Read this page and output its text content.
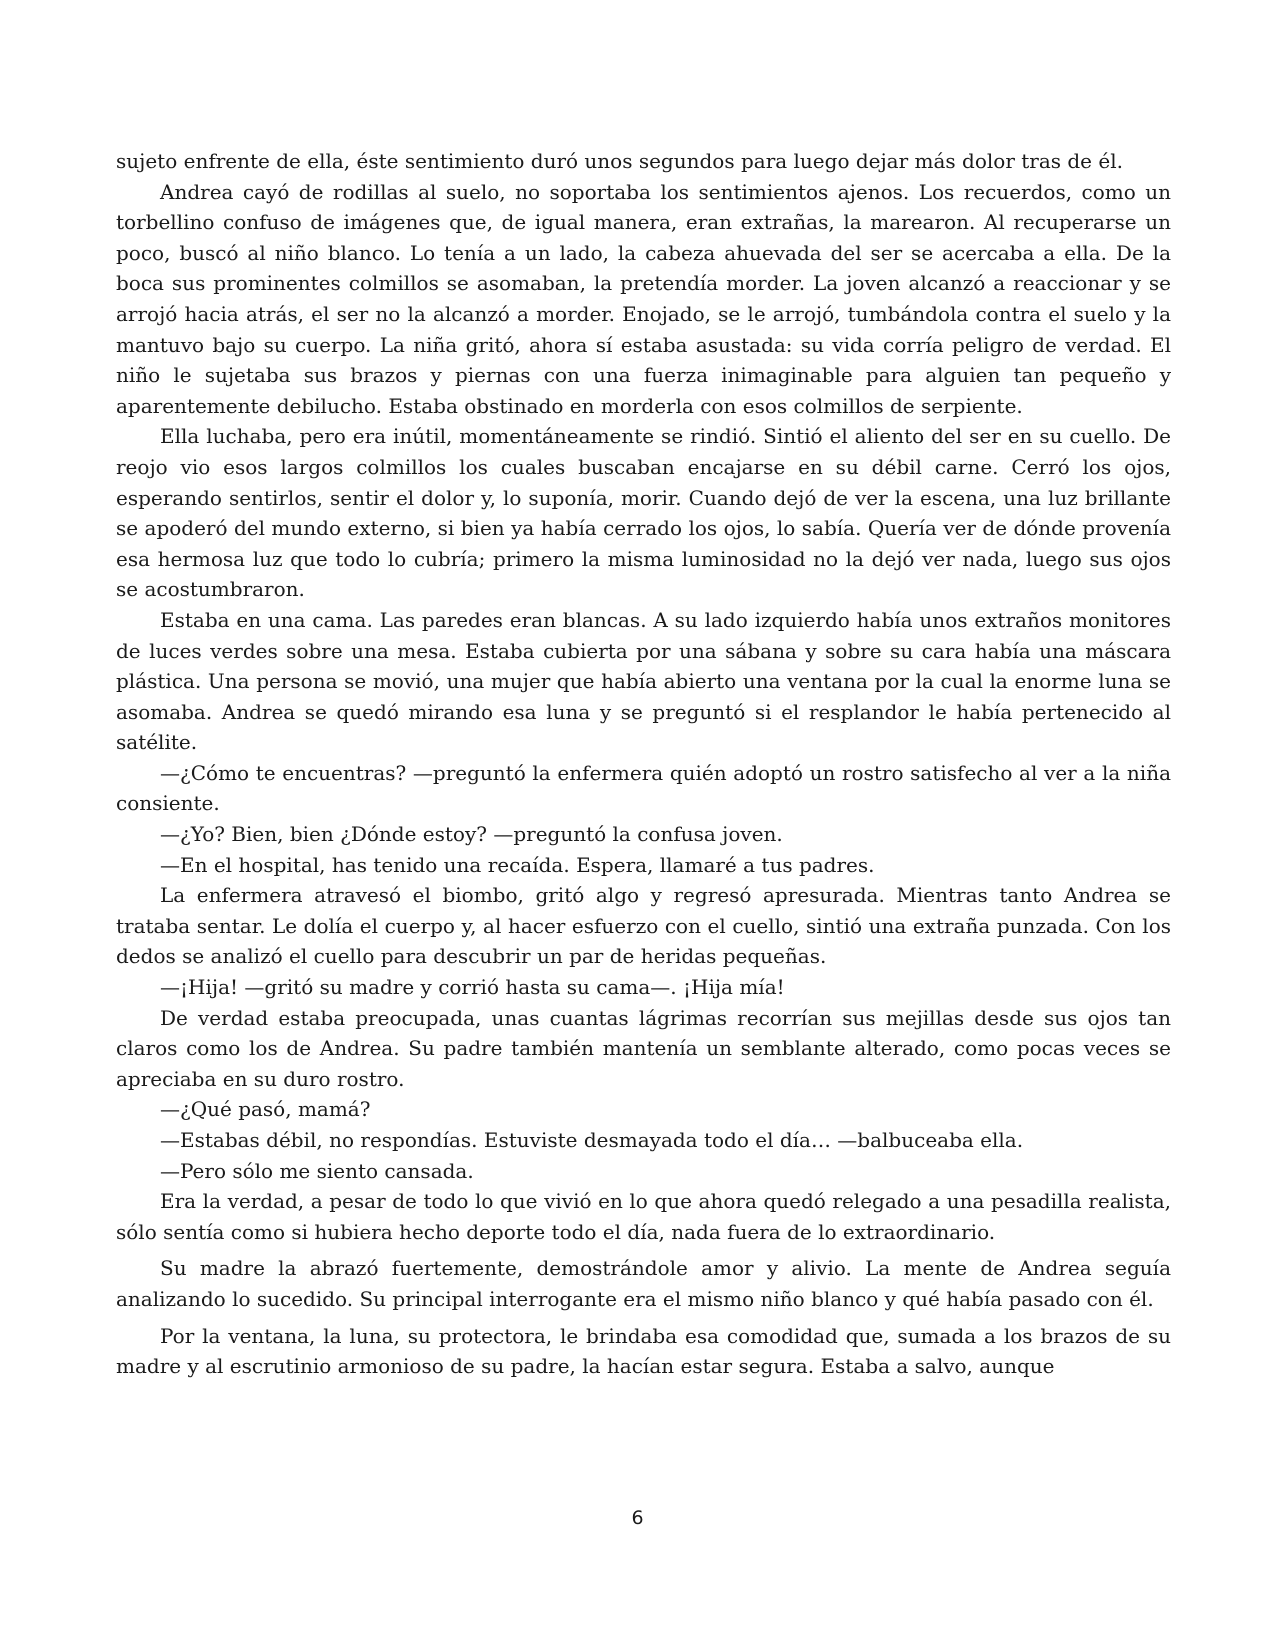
sujeto enfrente de ella, éste sentimiento duró unos segundos para luego dejar más dolor tras de él.

Andrea cayó de rodillas al suelo, no soportaba los sentimientos ajenos. Los recuerdos, como un torbellino confuso de imágenes que, de igual manera, eran extrañas, la marearon. Al recuperarse un poco, buscó al niño blanco. Lo tenía a un lado, la cabeza ahuevada del ser se acercaba a ella. De la boca sus prominentes colmillos se asomaban, la pretendía morder. La joven alcanzó a reaccionar y se arrojó hacia atrás, el ser no la alcanzó a morder. Enojado, se le arrojó, tumbándola contra el suelo y la mantuvo bajo su cuerpo. La niña gritó, ahora sí estaba asustada: su vida corría peligro de verdad. El niño le sujetaba sus brazos y piernas con una fuerza inimaginable para alguien tan pequeño y aparentemente debilucho. Estaba obstinado en morderla con esos colmillos de serpiente.

Ella luchaba, pero era inútil, momentáneamente se rindió. Sintió el aliento del ser en su cuello. De reojo vio esos largos colmillos los cuales buscaban encajarse en su débil carne. Cerró los ojos, esperando sentirlos, sentir el dolor y, lo suponía, morir. Cuando dejó de ver la escena, una luz brillante se apoderó del mundo externo, si bien ya había cerrado los ojos, lo sabía. Quería ver de dónde provenía esa hermosa luz que todo lo cubría; primero la misma luminosidad no la dejó ver nada, luego sus ojos se acostumbraron.

Estaba en una cama. Las paredes eran blancas. A su lado izquierdo había unos extraños monitores de luces verdes sobre una mesa. Estaba cubierta por una sábana y sobre su cara había una máscara plástica. Una persona se movió, una mujer que había abierto una ventana por la cual la enorme luna se asomaba. Andrea se quedó mirando esa luna y se preguntó si el resplandor le había pertenecido al satélite.

—¿Cómo te encuentras? —preguntó la enfermera quién adoptó un rostro satisfecho al ver a la niña consiente.

—¿Yo? Bien, bien ¿Dónde estoy? —preguntó la confusa joven.

—En el hospital, has tenido una recaída. Espera, llamaré a tus padres.

La enfermera atravesó el biombo, gritó algo y regresó apresurada. Mientras tanto Andrea se trataba sentar. Le dolía el cuerpo y, al hacer esfuerzo con el cuello, sintió una extraña punzada. Con los dedos se analizó el cuello para descubrir un par de heridas pequeñas.

—¡Hija! —gritó su madre y corrió hasta su cama—. ¡Hija mía!

De verdad estaba preocupada, unas cuantas lágrimas recorrían sus mejillas desde sus ojos tan claros como los de Andrea. Su padre también mantenía un semblante alterado, como pocas veces se apreciaba en su duro rostro.

—¿Qué pasó, mamá?

—Estabas débil, no respondías. Estuviste desmayada todo el día… —balbuceaba ella.

—Pero sólo me siento cansada.

Era la verdad, a pesar de todo lo que vivió en lo que ahora quedó relegado a una pesadilla realista, sólo sentía como si hubiera hecho deporte todo el día, nada fuera de lo extraordinario.

Su madre la abrazó fuertemente, demostrándole amor y alivio. La mente de Andrea seguía analizando lo sucedido. Su principal interrogante era el mismo niño blanco y qué había pasado con él.

Por la ventana, la luna, su protectora, le brindaba esa comodidad que, sumada a los brazos de su madre y al escrutinio armonioso de su padre, la hacían estar segura. Estaba a salvo, aunque

6
